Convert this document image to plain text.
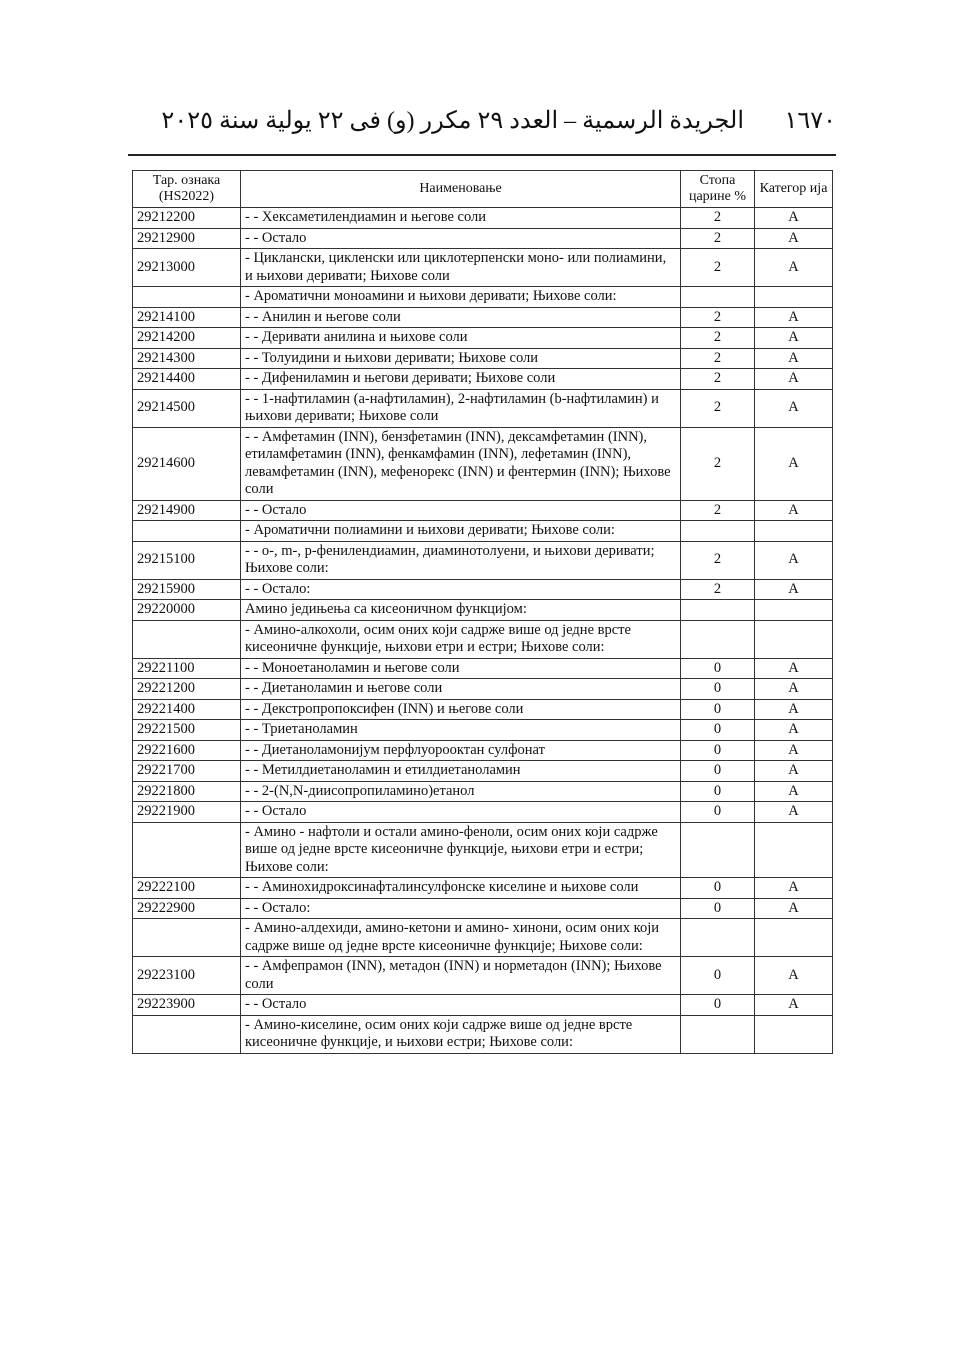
١٦٧٠
الجريدة الرسمية – العدد ٢٩ مكرر (و) فى ٢٢ يولية سنة ٢٠٢٥
Тар. ознака (HS2022)	Наименовање	Стопа царине %	Категор ија
29212200	- - Хексаметилендиамин и његове соли	2	А
29212900	- - Остало	2	А
29213000	- Цикл​ански, цикленски или циклотерпенски моно- или полиамини, и њихови деривати; Њихове соли	2	А
	- Ароматични моноамини и њихови деривати; Њихове соли:		
29214100	- - Анилин и његове соли	2	А
29214200	- - Деривати анилина и њихове соли	2	А
29214300	- - Толуидини и њихови деривати; Њихове соли	2	А
29214400	- - Дифениламин и његови деривати; Њихове соли	2	А
29214500	- - 1-нафтиламин (a-нафтиламин), 2-нафтиламин (b-нафтиламин) и њихови деривати; Њихове соли	2	А
29214600	- - Амфетамин (INN), бензфетамин (INN), дексамфетамин (INN), етиламфетамин (INN), фенкамфамин (INN), лефетамин (INN), левамфетамин (INN), мефенорекс (INN) и фентермин (INN); Њихове соли	2	А
29214900	- - Остало	2	А
	- Ароматични полиамини и њихови деривати; Њихове соли:		
29215100	- - о-, m-, р-фенилендиамин, диаминотолуени, и њихови деривати; Њихове соли:	2	А
29215900	- - Остало:	2	А
29220000	Амино једињења са кисеоничном функцијом:		
	- Амино-алкохоли, осим оних који садрже више од једне врсте кисеоничне функције, њихови етри и естри; Њихове соли:		
29221100	- - Моноетаноламин и његове соли	0	А
29221200	- - Диетаноламин и његове соли	0	А
29221400	- - Декстропропоксифен (INN) и његове соли	0	А
29221500	- - Триетаноламин	0	А
29221600	- - Диетаноламонијум перфлуорооктан сулфонат	0	А
29221700	- - Метилдиетаноламин и етилдиетаноламин	0	А
29221800	- - 2-(N,N-диисопропиламино)етанол	0	А
29221900	- - Остало	0	А
	- Амино - нафтоли и остали амино-феноли, осим оних који садрже више од једне врсте кисеоничне функције, њихови етри и естри; Њихове соли:		
29222100	- - Аминохидроксинафталинсулфонске киселине и њихове соли	0	А
29222900	- - Остало:	0	А
	- Амино-алдехиди, амино-кетони и амино- хинони, осим оних који садрже више од једне врсте кисеоничне функције; Њихове соли:		
29223100	- - Амфепрамон (INN), метадон (INN) и норметадон (INN); Њихове соли	0	А
29223900	- - Остало	0	А
	- Амино-киселине, осим оних који садрже више од једне врсте кисеоничне функције, и њихови естри; Њихове соли:		
